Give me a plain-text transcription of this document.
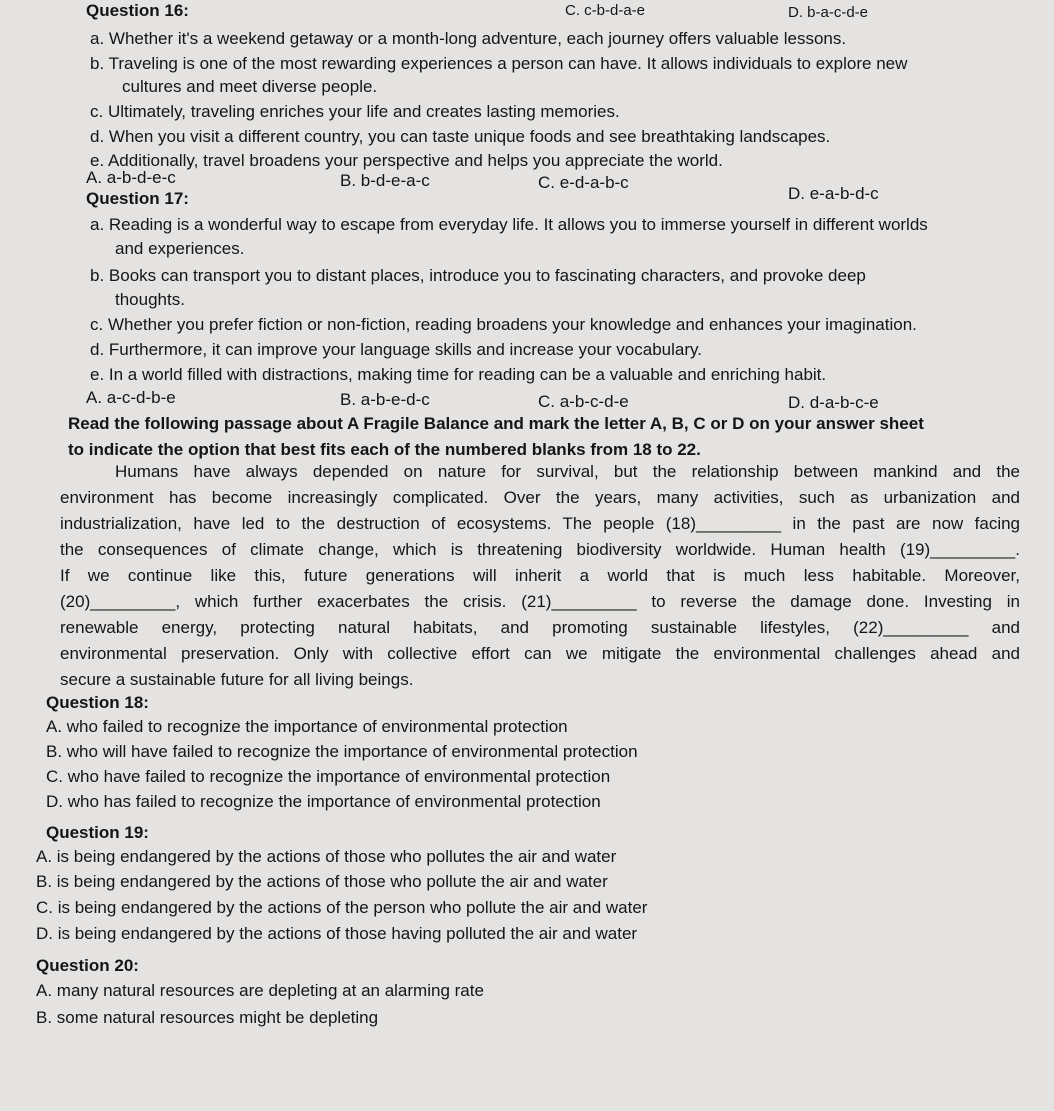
Question 16:	C. c-b-d-a-e	D. b-a-c-d-e
a. Whether it's a weekend getaway or a month-long adventure, each journey offers valuable lessons.
b. Traveling is one of the most rewarding experiences a person can have. It allows individuals to explore new
cultures and meet diverse people.
c. Ultimately, traveling enriches your life and creates lasting memories.
d. When you visit a different country, you can taste unique foods and see breathtaking landscapes.
e. Additionally, travel broadens your perspective and helps you appreciate the world.
A. a-b-d-e-c	B. b-d-e-a-c	C. e-d-a-b-c
D. e-a-b-d-c
Question 17:
a. Reading is a wonderful way to escape from everyday life. It allows you to immerse yourself in different worlds
and experiences.
b. Books can transport you to distant places, introduce you to fascinating characters, and provoke deep
thoughts.
c. Whether you prefer fiction or non-fiction, reading broadens your knowledge and enhances your imagination.
d. Furthermore, it can improve your language skills and increase your vocabulary.
e. In a world filled with distractions, making time for reading can be a valuable and enriching habit.
A. a-c-d-b-e	B. a-b-e-d-c	C. a-b-c-d-e	D. d-a-b-c-e
Read the following passage about A Fragile Balance and mark the letter A, B, C or D on your answer sheet
to indicate the option that best fits each of the numbered blanks from 18 to 22.
Humans have always depended on nature for survival, but the relationship between mankind and the
environment has become increasingly complicated. Over the years, many activities, such as urbanization and
industrialization, have led to the destruction of ecosystems. The people (18)_________ in the past are now facing
the consequences of climate change, which is threatening biodiversity worldwide. Human health (19)_________.
If we continue like this, future generations will inherit a world that is much less habitable. Moreover,
(20)_________, which further exacerbates the crisis. (21)_________ to reverse the damage done. Investing in
renewable energy, protecting natural habitats, and promoting sustainable lifestyles, (22)_________ and
environmental preservation. Only with collective effort can we mitigate the environmental challenges ahead and
secure a sustainable future for all living beings.
Question 18:
A. who failed to recognize the importance of environmental protection
B. who will have failed to recognize the importance of environmental protection
C. who have failed to recognize the importance of environmental protection
D. who has failed to recognize the importance of environmental protection
Question 19:
A. is being endangered by the actions of those who pollutes the air and water
B. is being endangered by the actions of those who pollute the air and water
C. is being endangered by the actions of the person who pollute the air and water
D. is being endangered by the actions of those having polluted the air and water
Question 20:
A. many natural resources are depleting at an alarming rate
B. some natural resources might be depleting
